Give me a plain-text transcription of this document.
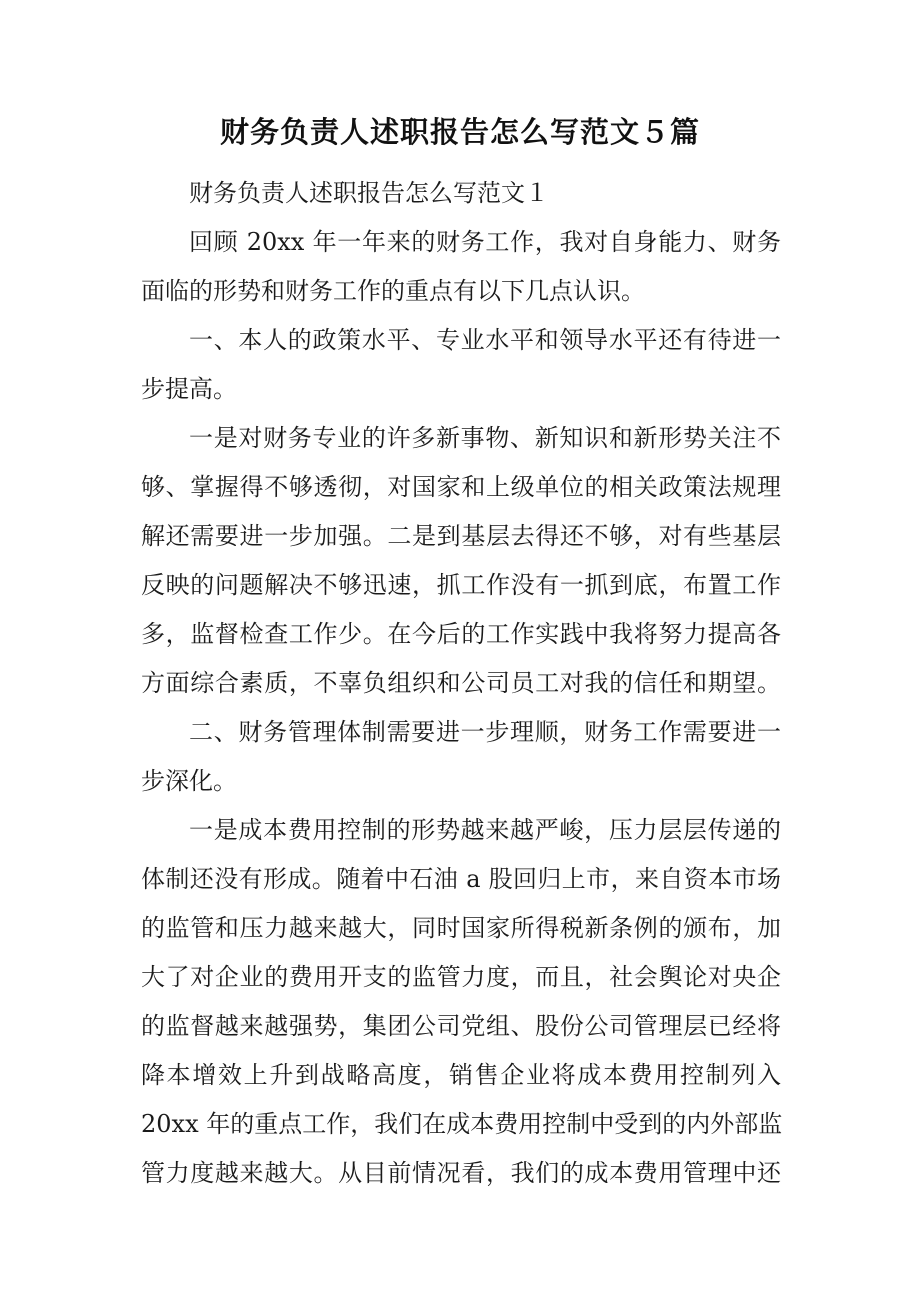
财务负责人述职报告怎么写范文５篇
财务负责人述职报告怎么写范文１
回顾 20xx 年一年来的财务工作，我对自身能力、财务
面临的形势和财务工作的重点有以下几点认识。
一、本人的政策水平、专业水平和领导水平还有待进一
步提高。
一是对财务专业的许多新事物、新知识和新形势关注不
够、掌握得不够透彻，对国家和上级单位的相关政策法规理
解还需要进一步加强。二是到基层去得还不够，对有些基层
反映的问题解决不够迅速，抓工作没有一抓到底，布置工作
多，监督检查工作少。在今后的工作实践中我将努力提高各
方面综合素质，不辜负组织和公司员工对我的信任和期望。
二、财务管理体制需要进一步理顺，财务工作需要进一
步深化。
一是成本费用控制的形势越来越严峻，压力层层传递的
体制还没有形成。随着中石油 a 股回归上市，来自资本市场
的监管和压力越来越大，同时国家所得税新条例的颁布，加
大了对企业的费用开支的监管力度，而且，社会舆论对央企
的监督越来越强势，集团公司党组、股份公司管理层已经将
降本增效上升到战略高度，销售企业将成本费用控制列入
20xx 年的重点工作，我们在成本费用控制中受到的内外部监
管力度越来越大。从目前情况看，我们的成本费用管理中还
